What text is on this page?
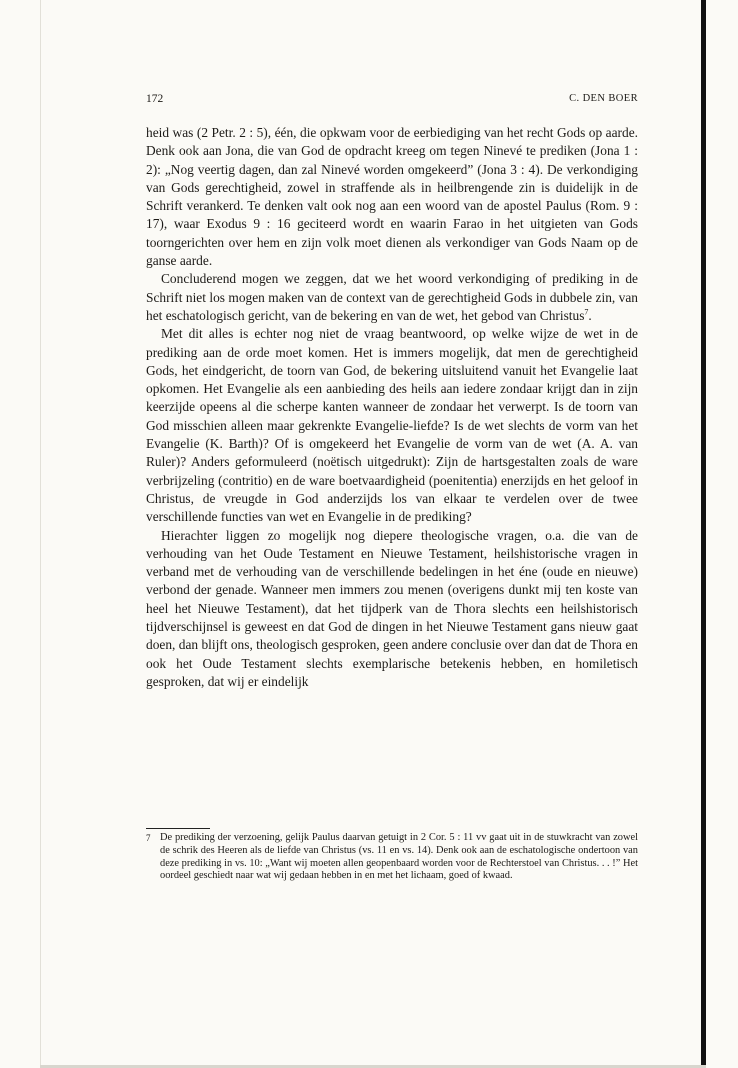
172	C. DEN BOER

heid was (2 Petr. 2 : 5), één, die opkwam voor de eerbiediging van het recht Gods op aarde. Denk ook aan Jona, die van God de opdracht kreeg om tegen Ninevé te prediken (Jona 1 : 2): „Nog veertig dagen, dan zal Ninevé worden omgekeerd” (Jona 3 : 4). De verkondiging van Gods gerechtigheid, zowel in straffende als in heilbrengende zin is duidelijk in de Schrift verankerd. Te denken valt ook nog aan een woord van de apostel Paulus (Rom. 9 : 17), waar Exodus 9 : 16 geciteerd wordt en waarin Farao in het uitgieten van Gods toorngerichten over hem en zijn volk moet dienen als verkondiger van Gods Naam op de ganse aarde.

Concluderend mogen we zeggen, dat we het woord verkondiging of prediking in de Schrift niet los mogen maken van de context van de gerechtigheid Gods in dubbele zin, van het eschatologisch gericht, van de bekering en van de wet, het gebod van Christus$^7$.

Met dit alles is echter nog niet de vraag beantwoord, op welke wijze de wet in de prediking aan de orde moet komen. Het is immers mogelijk, dat men de gerechtigheid Gods, het eindgericht, de toorn van God, de bekering uitsluitend vanuit het Evangelie laat opkomen. Het Evangelie als een aanbieding des heils aan iedere zondaar krijgt dan in zijn keerzijde opeens al die scherpe kanten wanneer de zondaar het verwerpt. Is de toorn van God misschien alleen maar gekrenkte Evangelie-liefde? Is de wet slechts de vorm van het Evangelie (K. Barth)? Of is omgekeerd het Evangelie de vorm van de wet (A. A. van Ruler)? Anders geformuleerd (noëtisch uitgedrukt): Zijn de hartsgestalten zoals de ware verbrijzeling (contritio) en de ware boetvaardigheid (poenitentia) enerzijds en het geloof in Christus, de vreugde in God anderzijds los van elkaar te verdelen over de twee verschillende functies van wet en Evangelie in de prediking?

Hierachter liggen zo mogelijk nog diepere theologische vragen, o.a. die van de verhouding van het Oude Testament en Nieuwe Testament, heilshistorische vragen in verband met de verhouding van de verschillende bedelingen in het éne (oude en nieuwe) verbond der genade. Wanneer men immers zou menen (overigens dunkt mij ten koste van heel het Nieuwe Testament), dat het tijdperk van de Thora slechts een heilshistorisch tijdverschijnsel is geweest en dat God de dingen in het Nieuwe Testament gans nieuw gaat doen, dan blijft ons, theologisch gesproken, geen andere conclusie over dan dat de Thora en ook het Oude Testament slechts exemplarische betekenis hebben, en homiletisch gesproken, dat wij er eindelijk

7 De prediking der verzoening, gelijk Paulus daarvan getuigt in 2 Cor. 5 : 11 vv gaat uit in de stuwkracht van zowel de schrik des Heeren als de liefde van Christus (vs. 11 en vs. 14). Denk ook aan de eschatologische ondertoon van deze prediking in vs. 10: „Want wij moeten allen geopenbaard worden voor de Rechterstoel van Christus. . . !” Het oordeel geschiedt naar wat wij gedaan hebben in en met het lichaam, goed of kwaad.
